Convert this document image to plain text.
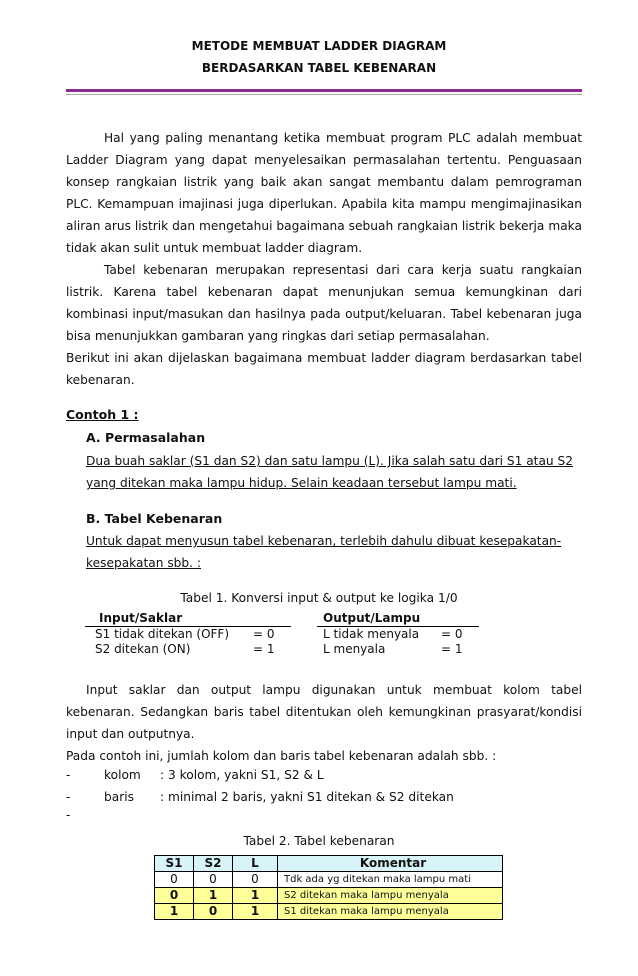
METODE MEMBUAT LADDER DIAGRAM
BERDASARKAN TABEL KEBENARAN

Hal yang paling menantang ketika membuat program PLC adalah membuat Ladder Diagram yang dapat menyelesaikan permasalahan tertentu. Penguasaan konsep rangkaian listrik yang baik akan sangat membantu dalam pemrograman PLC. Kemampuan imajinasi juga diperlukan. Apabila kita mampu mengimajinasikan aliran arus listrik dan mengetahui bagaimana sebuah rangkaian listrik bekerja maka tidak akan sulit untuk membuat ladder diagram.

Tabel kebenaran merupakan representasi dari cara kerja suatu rangkaian listrik. Karena tabel kebenaran dapat menunjukan semua kemungkinan dari kombinasi input/masukan dan hasilnya pada output/keluaran. Tabel kebenaran juga bisa menunjukkan gambaran yang ringkas dari setiap permasalahan.

Berikut ini akan dijelaskan bagaimana membuat ladder diagram berdasarkan tabel kebenaran.

Contoh 1 :
A. Permasalahan
Dua buah saklar (S1 dan S2) dan satu lampu (L). Jika salah satu dari S1 atau S2 yang ditekan maka lampu hidup. Selain keadaan tersebut lampu mati.
B. Tabel Kebenaran
Untuk dapat menyusun tabel kebenaran, terlebih dahulu dibuat kesepakatan-kesepakatan sbb. :
Tabel 1. Konversi input & output ke logika 1/0
Input/Saklar	
S1 tidak ditekan (OFF)	= 0
S2 ditekan (ON)	= 1
Output/Lampu	
L tidak menyala	= 0
L menyala	= 1

Input saklar dan output lampu digunakan untuk membuat kolom tabel kebenaran. Sedangkan baris tabel ditentukan oleh kemungkinan prasyarat/kondisi input dan outputnya.

Pada contoh ini, jumlah kolom dan baris tabel kebenaran adalah sbb. :

-	kolom	: 3 kolom, yakni S1, S2 & L
-	baris	: minimal 2 baris, yakni S1 ditekan & S2 ditekan
-
Tabel 2. Tabel kebenaran
S1	S2	L	Komentar
0	0	0	Tdk ada yg ditekan maka lampu mati
0	1	1	S2 ditekan maka lampu menyala
1	0	1	S1 ditekan maka lampu menyala
